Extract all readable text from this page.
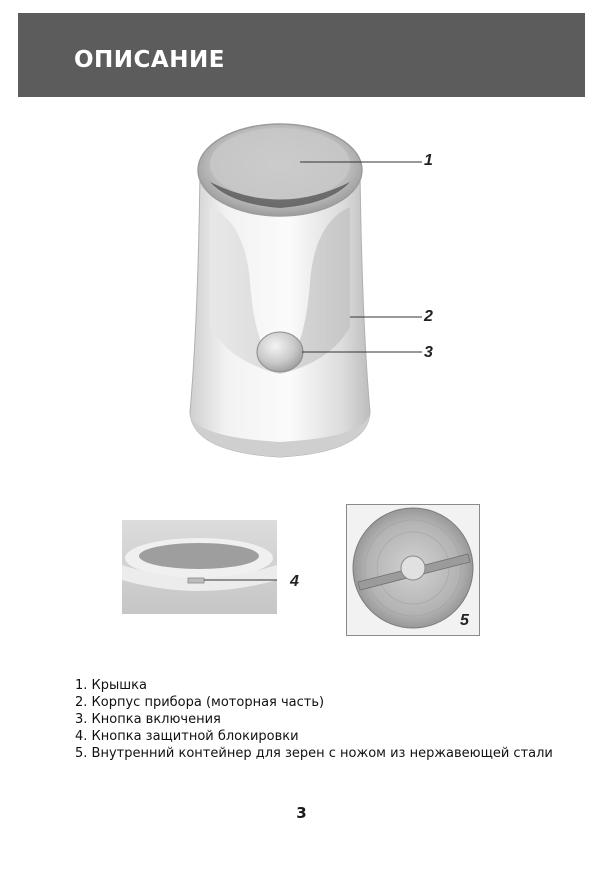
ОПИСАНИЕ
1
2
3
4
5
1. Крышка
2. Корпус прибора (моторная часть)
3. Кнопка включения
4. Кнопка защитной блокировки
5. Внутренний контейнер для зерен с ножом из нержавеющей стали
3
